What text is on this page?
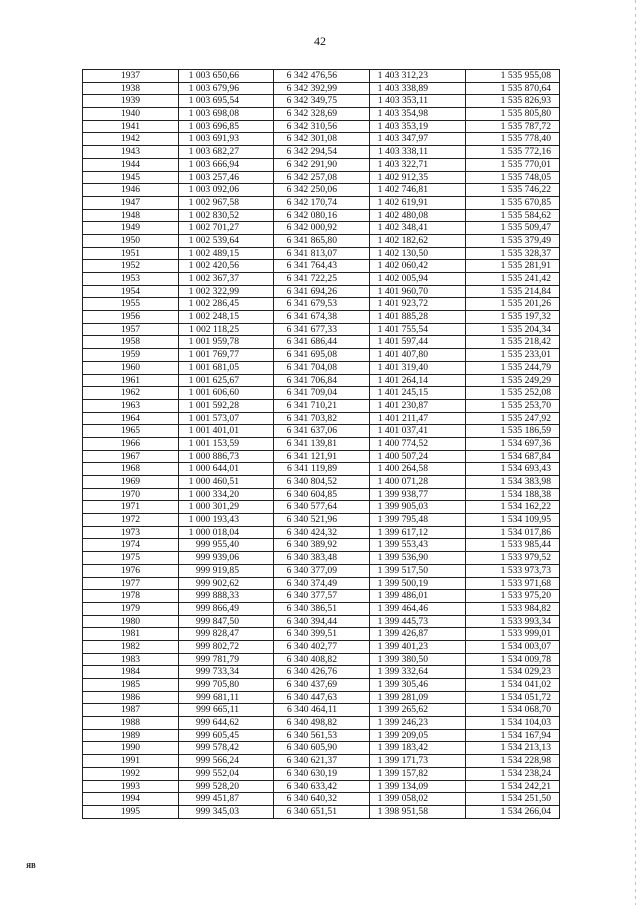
42
1937	1 003 650,66	6 342 476,56	1 403 312,23	1 535 955,08
1938	1 003 679,96	6 342 392,99	1 403 338,89	1 535 870,64
1939	1 003 695,54	6 342 349,75	1 403 353,11	1 535 826,93
1940	1 003 698,08	6 342 328,69	1 403 354,98	1 535 805,80
1941	1 003 696,85	6 342 310,56	1 403 353,19	1 535 787,72
1942	1 003 691,93	6 342 301,08	1 403 347,97	1 535 778,40
1943	1 003 682,27	6 342 294,54	1 403 338,11	1 535 772,16
1944	1 003 666,94	6 342 291,90	1 403 322,71	1 535 770,01
1945	1 003 257,46	6 342 257,08	1 402 912,35	1 535 748,05
1946	1 003 092,06	6 342 250,06	1 402 746,81	1 535 746,22
1947	1 002 967,58	6 342 170,74	1 402 619,91	1 535 670,85
1948	1 002 830,52	6 342 080,16	1 402 480,08	1 535 584,62
1949	1 002 701,27	6 342 000,92	1 402 348,41	1 535 509,47
1950	1 002 539,64	6 341 865,80	1 402 182,62	1 535 379,49
1951	1 002 489,15	6 341 813,07	1 402 130,50	1 535 328,37
1952	1 002 420,56	6 341 764,43	1 402 060,42	1 535 281,91
1953	1 002 367,37	6 341 722,25	1 402 005,94	1 535 241,42
1954	1 002 322,99	6 341 694,26	1 401 960,70	1 535 214,84
1955	1 002 286,45	6 341 679,53	1 401 923,72	1 535 201,26
1956	1 002 248,15	6 341 674,38	1 401 885,28	1 535 197,32
1957	1 002 118,25	6 341 677,33	1 401 755,54	1 535 204,34
1958	1 001 959,78	6 341 686,44	1 401 597,44	1 535 218,42
1959	1 001 769,77	6 341 695,08	1 401 407,80	1 535 233,01
1960	1 001 681,05	6 341 704,08	1 401 319,40	1 535 244,79
1961	1 001 625,67	6 341 706,84	1 401 264,14	1 535 249,29
1962	1 001 606,60	6 341 709,04	1 401 245,15	1 535 252,08
1963	1 001 592,28	6 341 710,21	1 401 230,87	1 535 253,70
1964	1 001 573,07	6 341 703,82	1 401 211,47	1 535 247,92
1965	1 001 401,01	6 341 637,06	1 401 037,41	1 535 186,59
1966	1 001 153,59	6 341 139,81	1 400 774,52	1 534 697,36
1967	1 000 886,73	6 341 121,91	1 400 507,24	1 534 687,84
1968	1 000 644,01	6 341 119,89	1 400 264,58	1 534 693,43
1969	1 000 460,51	6 340 804,52	1 400 071,28	1 534 383,98
1970	1 000 334,20	6 340 604,85	1 399 938,77	1 534 188,38
1971	1 000 301,29	6 340 577,64	1 399 905,03	1 534 162,22
1972	1 000 193,43	6 340 521,96	1 399 795,48	1 534 109,95
1973	1 000 018,04	6 340 424,32	1 399 617,12	1 534 017,86
1974	999 955,40	6 340 389,92	1 399 553,43	1 533 985,44
1975	999 939,06	6 340 383,48	1 399 536,90	1 533 979,52
1976	999 919,85	6 340 377,09	1 399 517,50	1 533 973,73
1977	999 902,62	6 340 374,49	1 399 500,19	1 533 971,68
1978	999 888,33	6 340 377,57	1 399 486,01	1 533 975,20
1979	999 866,49	6 340 386,51	1 399 464,46	1 533 984,82
1980	999 847,50	6 340 394,44	1 399 445,73	1 533 993,34
1981	999 828,47	6 340 399,51	1 399 426,87	1 533 999,01
1982	999 802,72	6 340 402,77	1 399 401,23	1 534 003,07
1983	999 781,79	6 340 408,82	1 399 380,50	1 534 009,78
1984	999 733,34	6 340 426,76	1 399 332,64	1 534 029,23
1985	999 705,80	6 340 437,69	1 399 305,46	1 534 041,02
1986	999 681,11	6 340 447,63	1 399 281,09	1 534 051,72
1987	999 665,11	6 340 464,11	1 399 265,62	1 534 068,70
1988	999 644,62	6 340 498,82	1 399 246,23	1 534 104,03
1989	999 605,45	6 340 561,53	1 399 209,05	1 534 167,94
1990	999 578,42	6 340 605,90	1 399 183,42	1 534 213,13
1991	999 566,24	6 340 621,37	1 399 171,73	1 534 228,98
1992	999 552,04	6 340 630,19	1 399 157,82	1 534 238,24
1993	999 528,20	6 340 633,42	1 399 134,09	1 534 242,21
1994	999 451,87	6 340 640,32	1 399 058,02	1 534 251,50
1995	999 345,03	6 340 651,51	1 398 951,58	1 534 266,04
ЯВ
